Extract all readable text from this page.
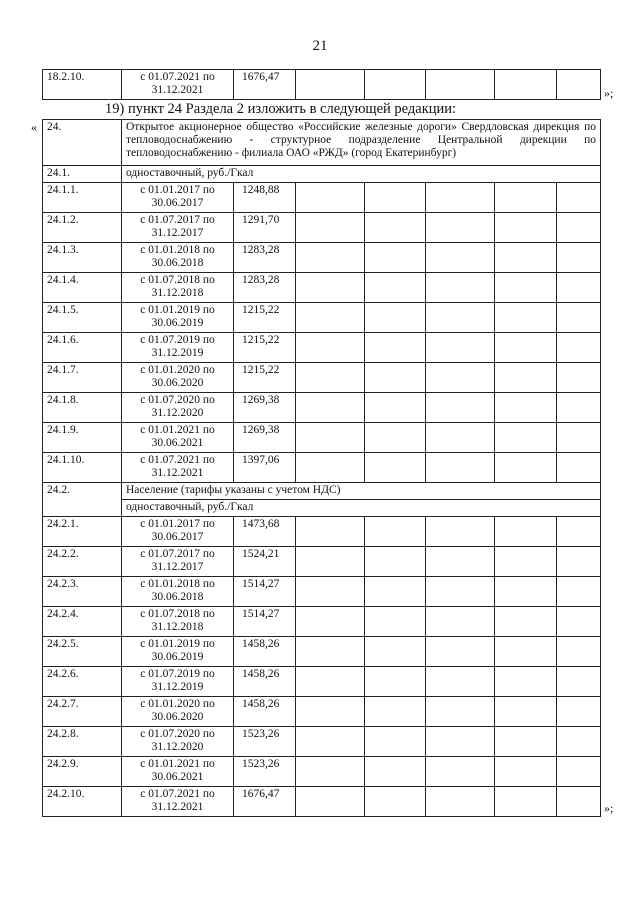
21
18.2.10.	с 01.07.2021 по
31.12.2021
	1676,47					
»;
19) пункт 24 Раздела 2 изложить в следующей редакции:
« 24.	Открытое акционерное общество «Российские железные дороги» Свердловская дирекция по тепловодоснабжению - структурное подразделение Центральной дирекции по тепловодоснабжению - филиала ОАО «РЖД» (город Екатеринбург)						
24.1.	одноставочный, руб./Гкал						
24.1.1.	с 01.01.2017 по
30.06.2017	1248,88					
24.1.2.	с 01.07.2017 по
31.12.2017	1291,70					
24.1.3.	с 01.01.2018 по
30.06.2018	1283,28					
24.1.4.	с 01.07.2018 по
31.12.2018	1283,28					
24.1.5.	с 01.01.2019 по
30.06.2019	1215,22					
24.1.6.	с 01.07.2019 по
31.12.2019	1215,22					
24.1.7.	с 01.01.2020 по
30.06.2020	1215,22					
24.1.8.	с 01.07.2020 по
31.12.2020	1269,38					
24.1.9.	с 01.01.2021 по
30.06.2021	1269,38					
24.1.10.	с 01.07.2021 по
31.12.2021	1397,06					
24.2.	Население (тарифы указаны с учетом НДС)						
	одноставочный, руб./Гкал						
24.2.1.	с 01.01.2017 по
30.06.2017	1473,68					
24.2.2.	с 01.07.2017 по
31.12.2017	1524,21					
24.2.3.	с 01.01.2018 по
30.06.2018	1514,27					
24.2.4.	с 01.07.2018 по
31.12.2018	1514,27					
24.2.5.	с 01.01.2019 по
30.06.2019	1458,26					
24.2.6.	с 01.07.2019 по
31.12.2019	1458,26					
24.2.7.	с 01.01.2020 по
30.06.2020	1458,26					
24.2.8.	с 01.07.2020 по
31.12.2020	1523,26					
24.2.9.	с 01.01.2021 по
30.06.2021	1523,26					
24.2.10.	с 01.07.2021 по
31.12.2021	1676,47					
»;
